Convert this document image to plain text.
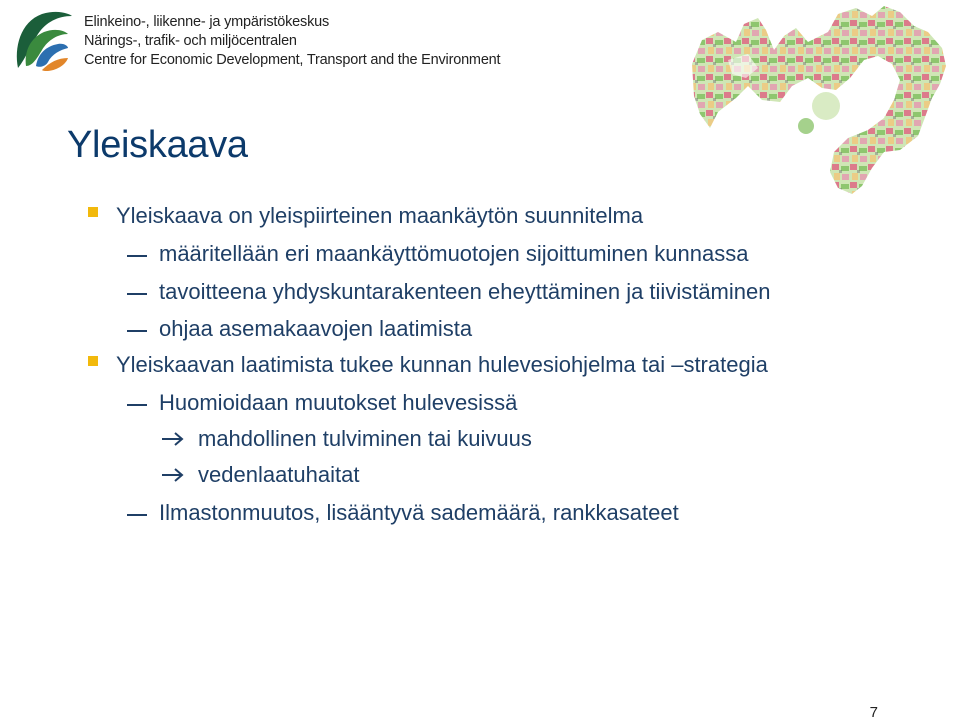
Elinkeino-, liikenne- ja ympäristökeskus
Närings-, trafik- och miljöcentralen
Centre for Economic Development, Transport and the Environment
Yleiskaava
Yleiskaava on yleispiirteinen maankäytön suunnitelma
määritellään eri maankäyttömuotojen sijoittuminen kunnassa
tavoitteena yhdyskuntarakenteen eheyttäminen ja tiivistäminen
ohjaa asemakaavojen laatimista
Yleiskaavan laatimista tukee kunnan hulevesiohjelma tai –strategia
Huomioidaan muutokset hulevesissä
mahdollinen tulviminen tai kuivuus
vedenlaatuhaitat
Ilmastonmuutos, lisääntyvä sademäärä, rankkasateet
7
